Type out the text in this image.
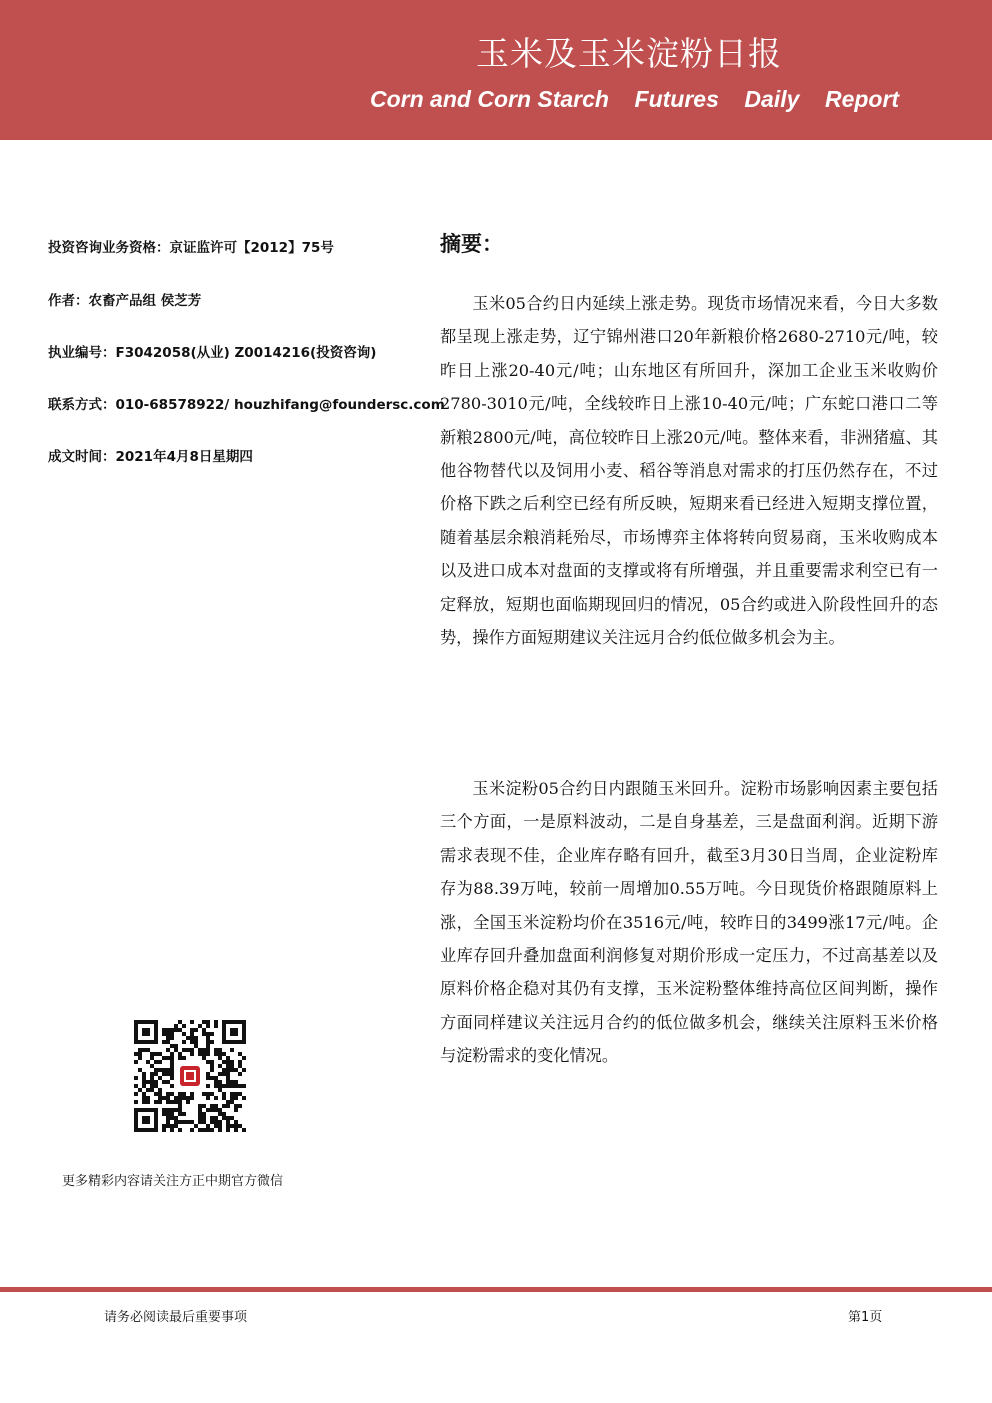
玉米及玉米淀粉日报
Corn and Corn Starch    Futures    Daily    Report
投资咨询业务资格：京证监许可【2012】75号
作者：农畜产品组 侯芝芳
执业编号：F3042058(从业) Z0014216(投资咨询)
联系方式：010-68578922/ houzhifang@foundersc.com
成文时间：2021年4月8日星期四
摘要：

玉米05合约日内延续上涨走势。现货市场情况来看，今日大多数都呈现上涨走势，辽宁锦州港口20年新粮价格2680-2710元/吨，较昨日上涨20-40元/吨；山东地区有所回升，深加工企业玉米收购价2780-3010元/吨，全线较昨日上涨10-40元/吨；广东蛇口港口二等新粮2800元/吨，高位较昨日上涨20元/吨。整体来看，非洲猪瘟、其他谷物替代以及饲用小麦、稻谷等消息对需求的打压仍然存在，不过价格下跌之后利空已经有所反映，短期来看已经进入短期支撑位置，随着基层余粮消耗殆尽，市场博弈主体将转向贸易商，玉米收购成本以及进口成本对盘面的支撑或将有所增强，并且重要需求利空已有一定释放，短期也面临期现回归的情况，05合约或进入阶段性回升的态势，操作方面短期建议关注远月合约低位做多机会为主。

玉米淀粉05合约日内跟随玉米回升。淀粉市场影响因素主要包括三个方面，一是原料波动，二是自身基差，三是盘面利润。近期下游需求表现不佳，企业库存略有回升，截至3月30日当周，企业淀粉库存为88.39万吨，较前一周增加0.55万吨。今日现货价格跟随原料上涨，全国玉米淀粉均价在3516元/吨，较昨日的3499涨17元/吨。企业库存回升叠加盘面利润修复对期价形成一定压力，不过高基差以及原料价格企稳对其仍有支撑，玉米淀粉整体维持高位区间判断，操作方面同样建议关注远月合约的低位做多机会，继续关注原料玉米价格与淀粉需求的变化情况。

更多精彩内容请关注方正中期官方微信
请务必阅读最后重要事项	第1页
